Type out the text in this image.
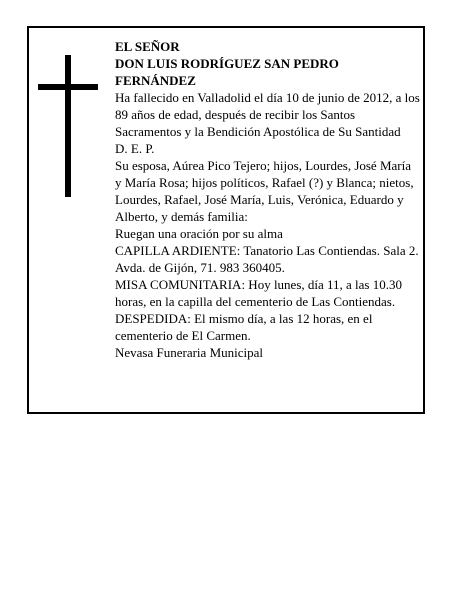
EL SEÑOR

DON LUIS RODRÍGUEZ SAN PEDRO FERNÁNDEZ

Ha fallecido en Valladolid el día 10 de junio de 2012, a los 89 años de edad, después de recibir los Santos Sacramentos y la Bendición Apostólica de Su Santidad

D. E. P.

Su esposa, Aúrea Pico Tejero; hijos, Lourdes, José María y María Rosa; hijos políticos, Rafael (?) y Blanca; nietos, Lourdes, Rafael, José María, Luis, Verónica, Eduardo y Alberto, y demás familia:

Ruegan una oración por su alma

CAPILLA ARDIENTE: Tanatorio Las Contiendas. Sala 2. Avda. de Gijón, 71. 983 360405.

MISA COMUNITARIA: Hoy lunes, día 11, a las 10.30 horas, en la capilla del cementerio de Las Contiendas.

DESPEDIDA: El mismo día, a las 12 horas, en el cementerio de El Carmen.

Nevasa Funeraria Municipal
